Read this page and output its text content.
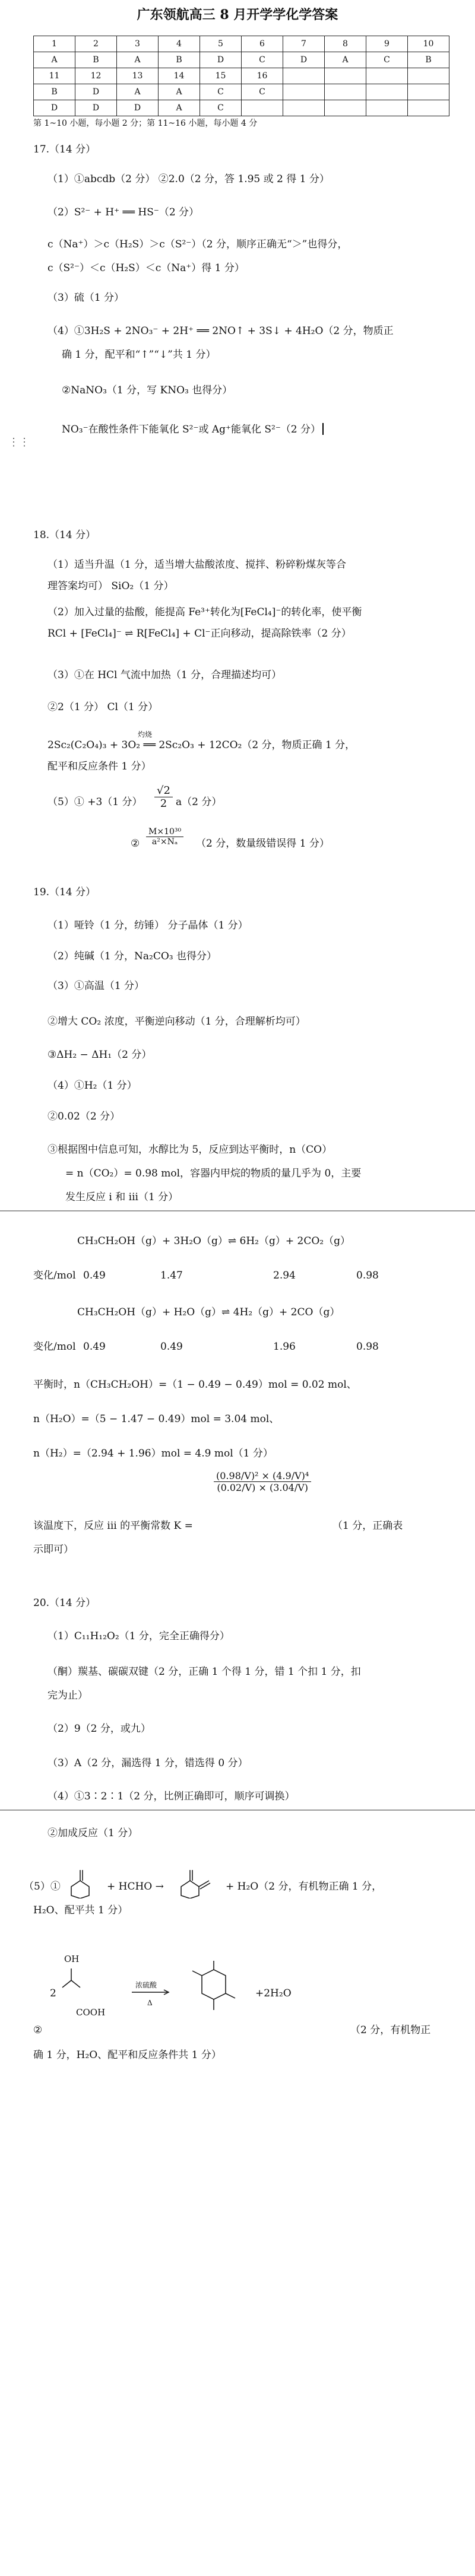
广东领航高三 8 月开学学化学答案
1	2	3	4	5	6	7	8	9	10
A	B	A	B	D	C	D	A	C	B
11	12	13	14	15	16				
B	D	A	A	C	C				
D	D	D	A	C					
第 1~10 小题，每小题 2 分；第 11~16 小题，每小题 4 分
17.（14 分）
（1）①abcdb（2 分） ②2.0（2 分，答 1.95 或 2 得 1 分）
（2）S²⁻ + H⁺ ══ HS⁻（2 分）
c（Na⁺）＞c（H₂S）＞c（S²⁻）（2 分，顺序正确无“＞”也得分，
c（S²⁻）＜c（H₂S）＜c（Na⁺）得 1 分）
（3）硫（1 分）
（4）①3H₂S + 2NO₃⁻ + 2H⁺ ══ 2NO↑ + 3S↓ + 4H₂O（2 分，物质正
确 1 分，配平和“↑”“↓”共 1 分）
②NaNO₃（1 分，写 KNO₃ 也得分）
⋮⋮
NO₃⁻在酸性条件下能氧化 S²⁻或 Ag⁺能氧化 S²⁻（2 分）
18.（14 分）
（1）适当升温（1 分，适当增大盐酸浓度、搅拌、粉碎粉煤灰等合
理答案均可） SiO₂（1 分）
（2）加入过量的盐酸，能提高 Fe³⁺转化为[FeCl₄]⁻的转化率，使平衡
RCl + [FeCl₄]⁻ ⇌ R[FeCl₄] + Cl⁻正向移动，提高除铁率（2 分）
（3）①在 HCl 气流中加热（1 分，合理描述均可）
②2（1 分） Cl（1 分）
灼烧
2Sc₂(C₂O₄)₃ + 3O₂ ══ 2Sc₂O₃ + 12CO₂（2 分，物质正确 1 分，
配平和反应条件 1 分）
（5）① +3（1 分） $\frac{√2}{2} a(2$ 分）
② $\frac{\text{M×10³⁰}}{\text{a²×Nₐ}} (2$ 分，数量级错误得 1 分）
19.（14 分）
（1）哑铃（1 分，纺锤） 分子晶体（1 分）
（2）纯碱（1 分，Na₂CO₃ 也得分）
（3）①高温（1 分）
②增大 CO₂ 浓度，平衡逆向移动（1 分，合理解析均可）
③ΔH₂ − ΔH₁（2 分）
（4）①H₂（1 分）
②0.02（2 分）
③根据图中信息可知，水醇比为 5，反应到达平衡时，n（CO）
= n（CO₂）= 0.98 mol，容器内甲烷的物质的量几乎为 0，主要
发生反应 i 和 iii（1 分）
CH₃CH₂OH（g）+ 3H₂O（g）⇌ 6H₂（g）+ 2CO₂（g）
变化/mol 0.49	1.47	2.94	0.98
CH₃CH₂OH（g）+ H₂O（g）⇌ 4H₂（g）+ 2CO（g）
变化/mol 0.49	0.49	1.96	0.98
平衡时，n（CH₃CH₂OH）=（1 − 0.49 − 0.49）mol = 0.02 mol、
n（H₂O）=（5 − 1.47 − 0.49）mol = 3.04 mol、
n（H₂）=（2.94 + 1.96）mol = 4.9 mol（1 分）
$\frac{\text{(0.98/V)² × (4.9/V)⁴}}{(0.02/V) \times (3.04/V)}$
该温度下，反应 iii 的平衡常数 K =	（1 分，正确表
示即可）
20.（14 分）
（1）C₁₁H₁₂O₂（1 分，完全正确得分）
（酮）羰基、碳碳双键（2 分，正确 1 个得 1 分，错 1 个扣 1 分，扣
完为止）
（2）9（2 分，或九）
（3）A（2 分，漏选得 1 分，错选得 0 分）
（4）①3∶2∶1（2 分，比例正确即可，顺序可调换）
②加成反应（1 分）
（5）①	+ HCHO →	+ H₂O（2 分，有机物正确 1 分，
H₂O、配平共 1 分）
OH
2
COOH
浓硫酸
Δ
+2H₂O
②	（2 分，有机物正
确 1 分，H₂O、配平和反应条件共 1 分）
